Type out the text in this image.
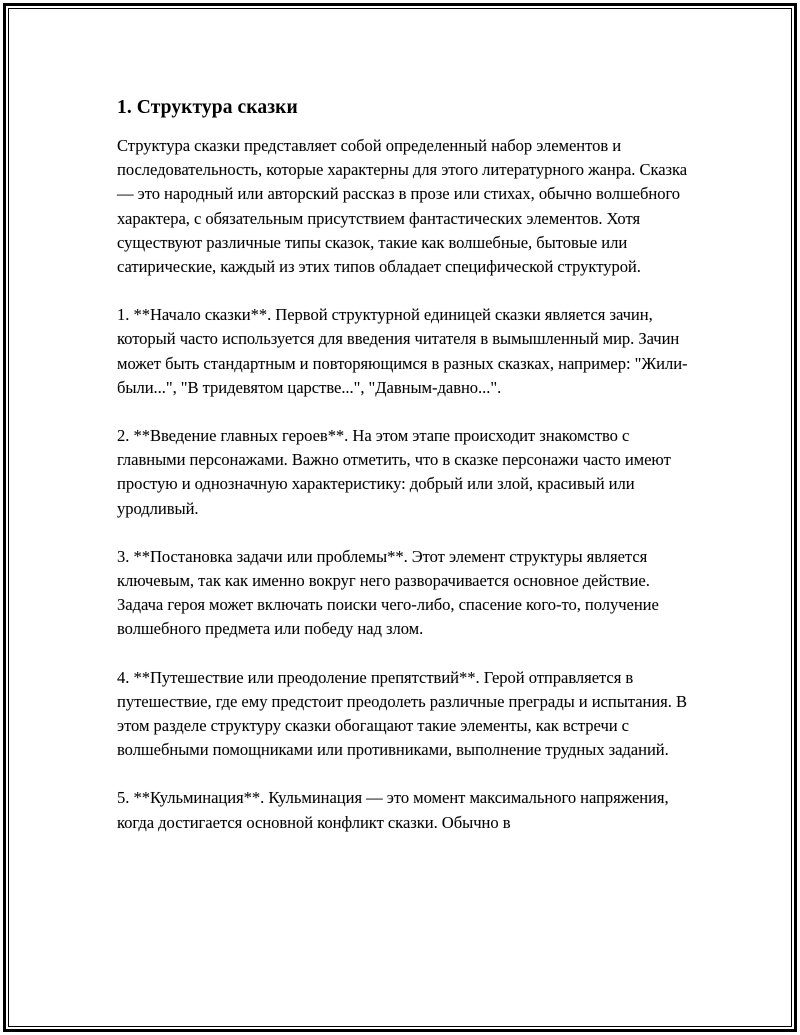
1. Структура сказки

Структура сказки представляет собой определенный набор элементов и последовательность, которые характерны для этого литературного жанра. Сказка — это народный или авторский рассказ в прозе или стихах, обычно волшебного характера, с обязательным присутствием фантастических элементов. Хотя существуют различные типы сказок, такие как волшебные, бытовые или сатирические, каждый из этих типов обладает специфической структурой.

1. **Начало сказки**. Первой структурной единицей сказки является зачин, который часто используется для введения читателя в вымышленный мир. Зачин может быть стандартным и повторяющимся в разных сказках, например: "Жили-были...", "В тридевятом царстве...", "Давным-давно...".

2. **Введение главных героев**. На этом этапе происходит знакомство с главными персонажами. Важно отметить, что в сказке персонажи часто имеют простую и однозначную характеристику: добрый или злой, красивый или уродливый.

3. **Постановка задачи или проблемы**. Этот элемент структуры является ключевым, так как именно вокруг него разворачивается основное действие. Задача героя может включать поиски чего-либо, спасение кого-то, получение волшебного предмета или победу над злом.

4. **Путешествие или преодоление препятствий**. Герой отправляется в путешествие, где ему предстоит преодолеть различные преграды и испытания. В этом разделе структуру сказки обогащают такие элементы, как встречи с волшебными помощниками или противниками, выполнение трудных заданий.

5. **Кульминация**. Кульминация — это момент максимального напряжения, когда достигается основной конфликт сказки. Обычно в
